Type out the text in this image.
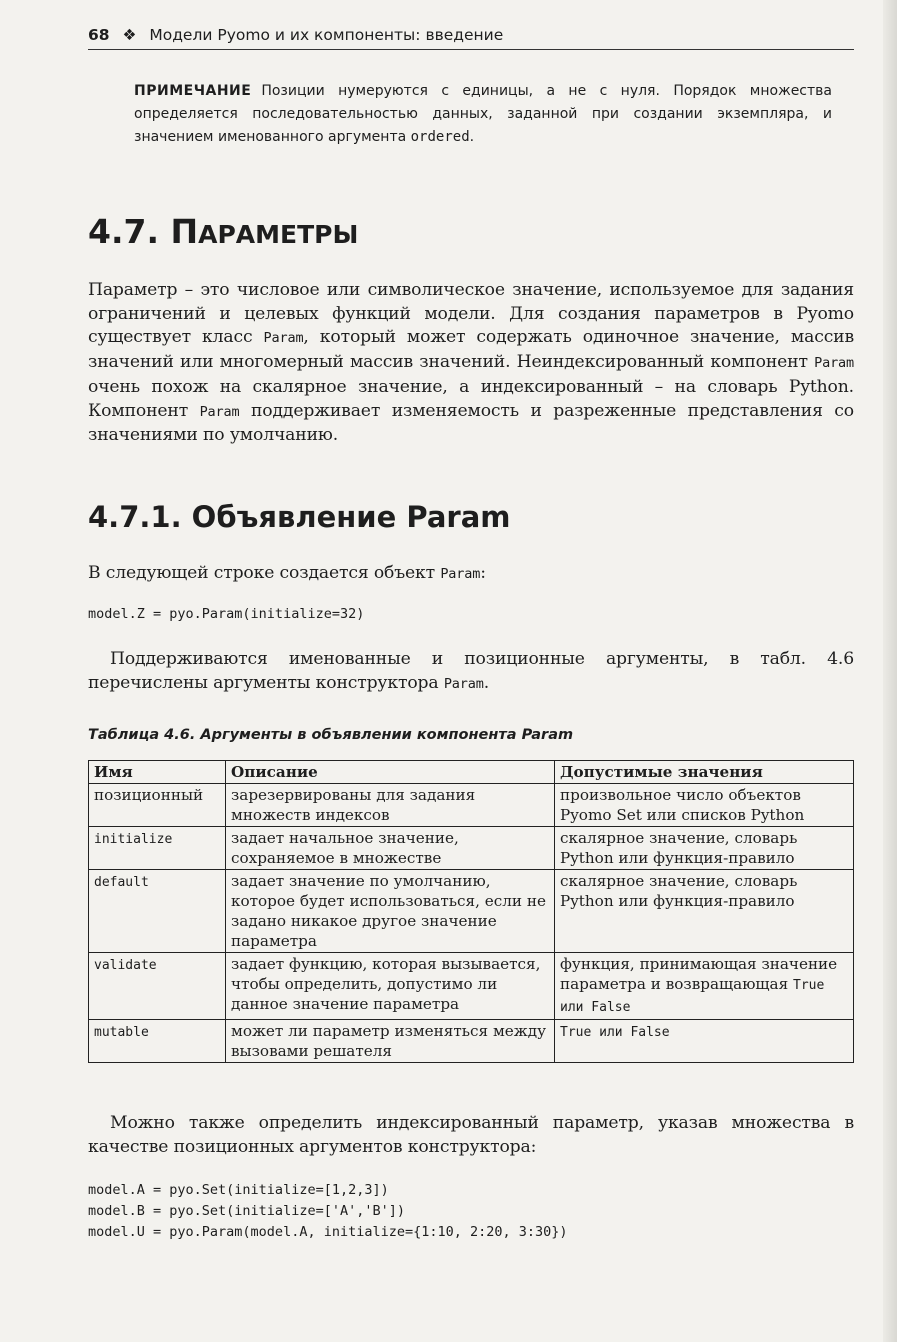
68 ❖ Модели Pyomo и их компоненты: введение
ПРИМЕЧАНИЕ Позиции нумеруются с единицы, а не с нуля. Порядок множества определяется последовательностью данных, заданной при создании экземпляра, и значением именованного аргумента ordered.
4.7. ПАРАМЕТРЫ

Параметр – это числовое или символическое значение, используемое для задания ограничений и целевых функций модели. Для создания параметров в Pyomo существует класс Param, который может содержать одиночное значение, массив значений или многомерный массив значений. Неиндексированный компонент Param очень похож на скалярное значение, а индексированный – на словарь Python. Компонент Param поддерживает изменяемость и разреженные представления со значениями по умолчанию.

4.7.1. Объявление Param

В следующей строке создается объект Param:

model.Z = pyo.Param(initialize=32)

Поддерживаются именованные и позиционные аргументы, в табл. 4.6 перечислены аргументы конструктора Param.

Таблица 4.6. Аргументы в объявлении компонента Param
Имя	Описание	Допустимые значения
позиционный	зарезервированы для задания множеств индексов	произвольное число объектов Pyomo Set или списков Python
initialize	задает начальное значение, сохраняемое в множестве	скалярное значение, словарь Python или функция-правило
default	задает значение по умолчанию, которое будет использоваться, если не задано никакое другое значение параметра	скалярное значение, словарь Python или функция-правило
validate	задает функцию, которая вызывается, чтобы определить, допустимо ли данное значение параметра	функция, принимающая значение параметра и возвращающая True или False
mutable	может ли параметр изменяться между вызовами решателя	True или False

Можно также определить индексированный параметр, указав множества в качестве позиционных аргументов конструктора:

model.A = pyo.Set(initialize=[1,2,3])
model.B = pyo.Set(initialize=['A','B'])
model.U = pyo.Param(model.A, initialize={1:10, 2:20, 3:30})
